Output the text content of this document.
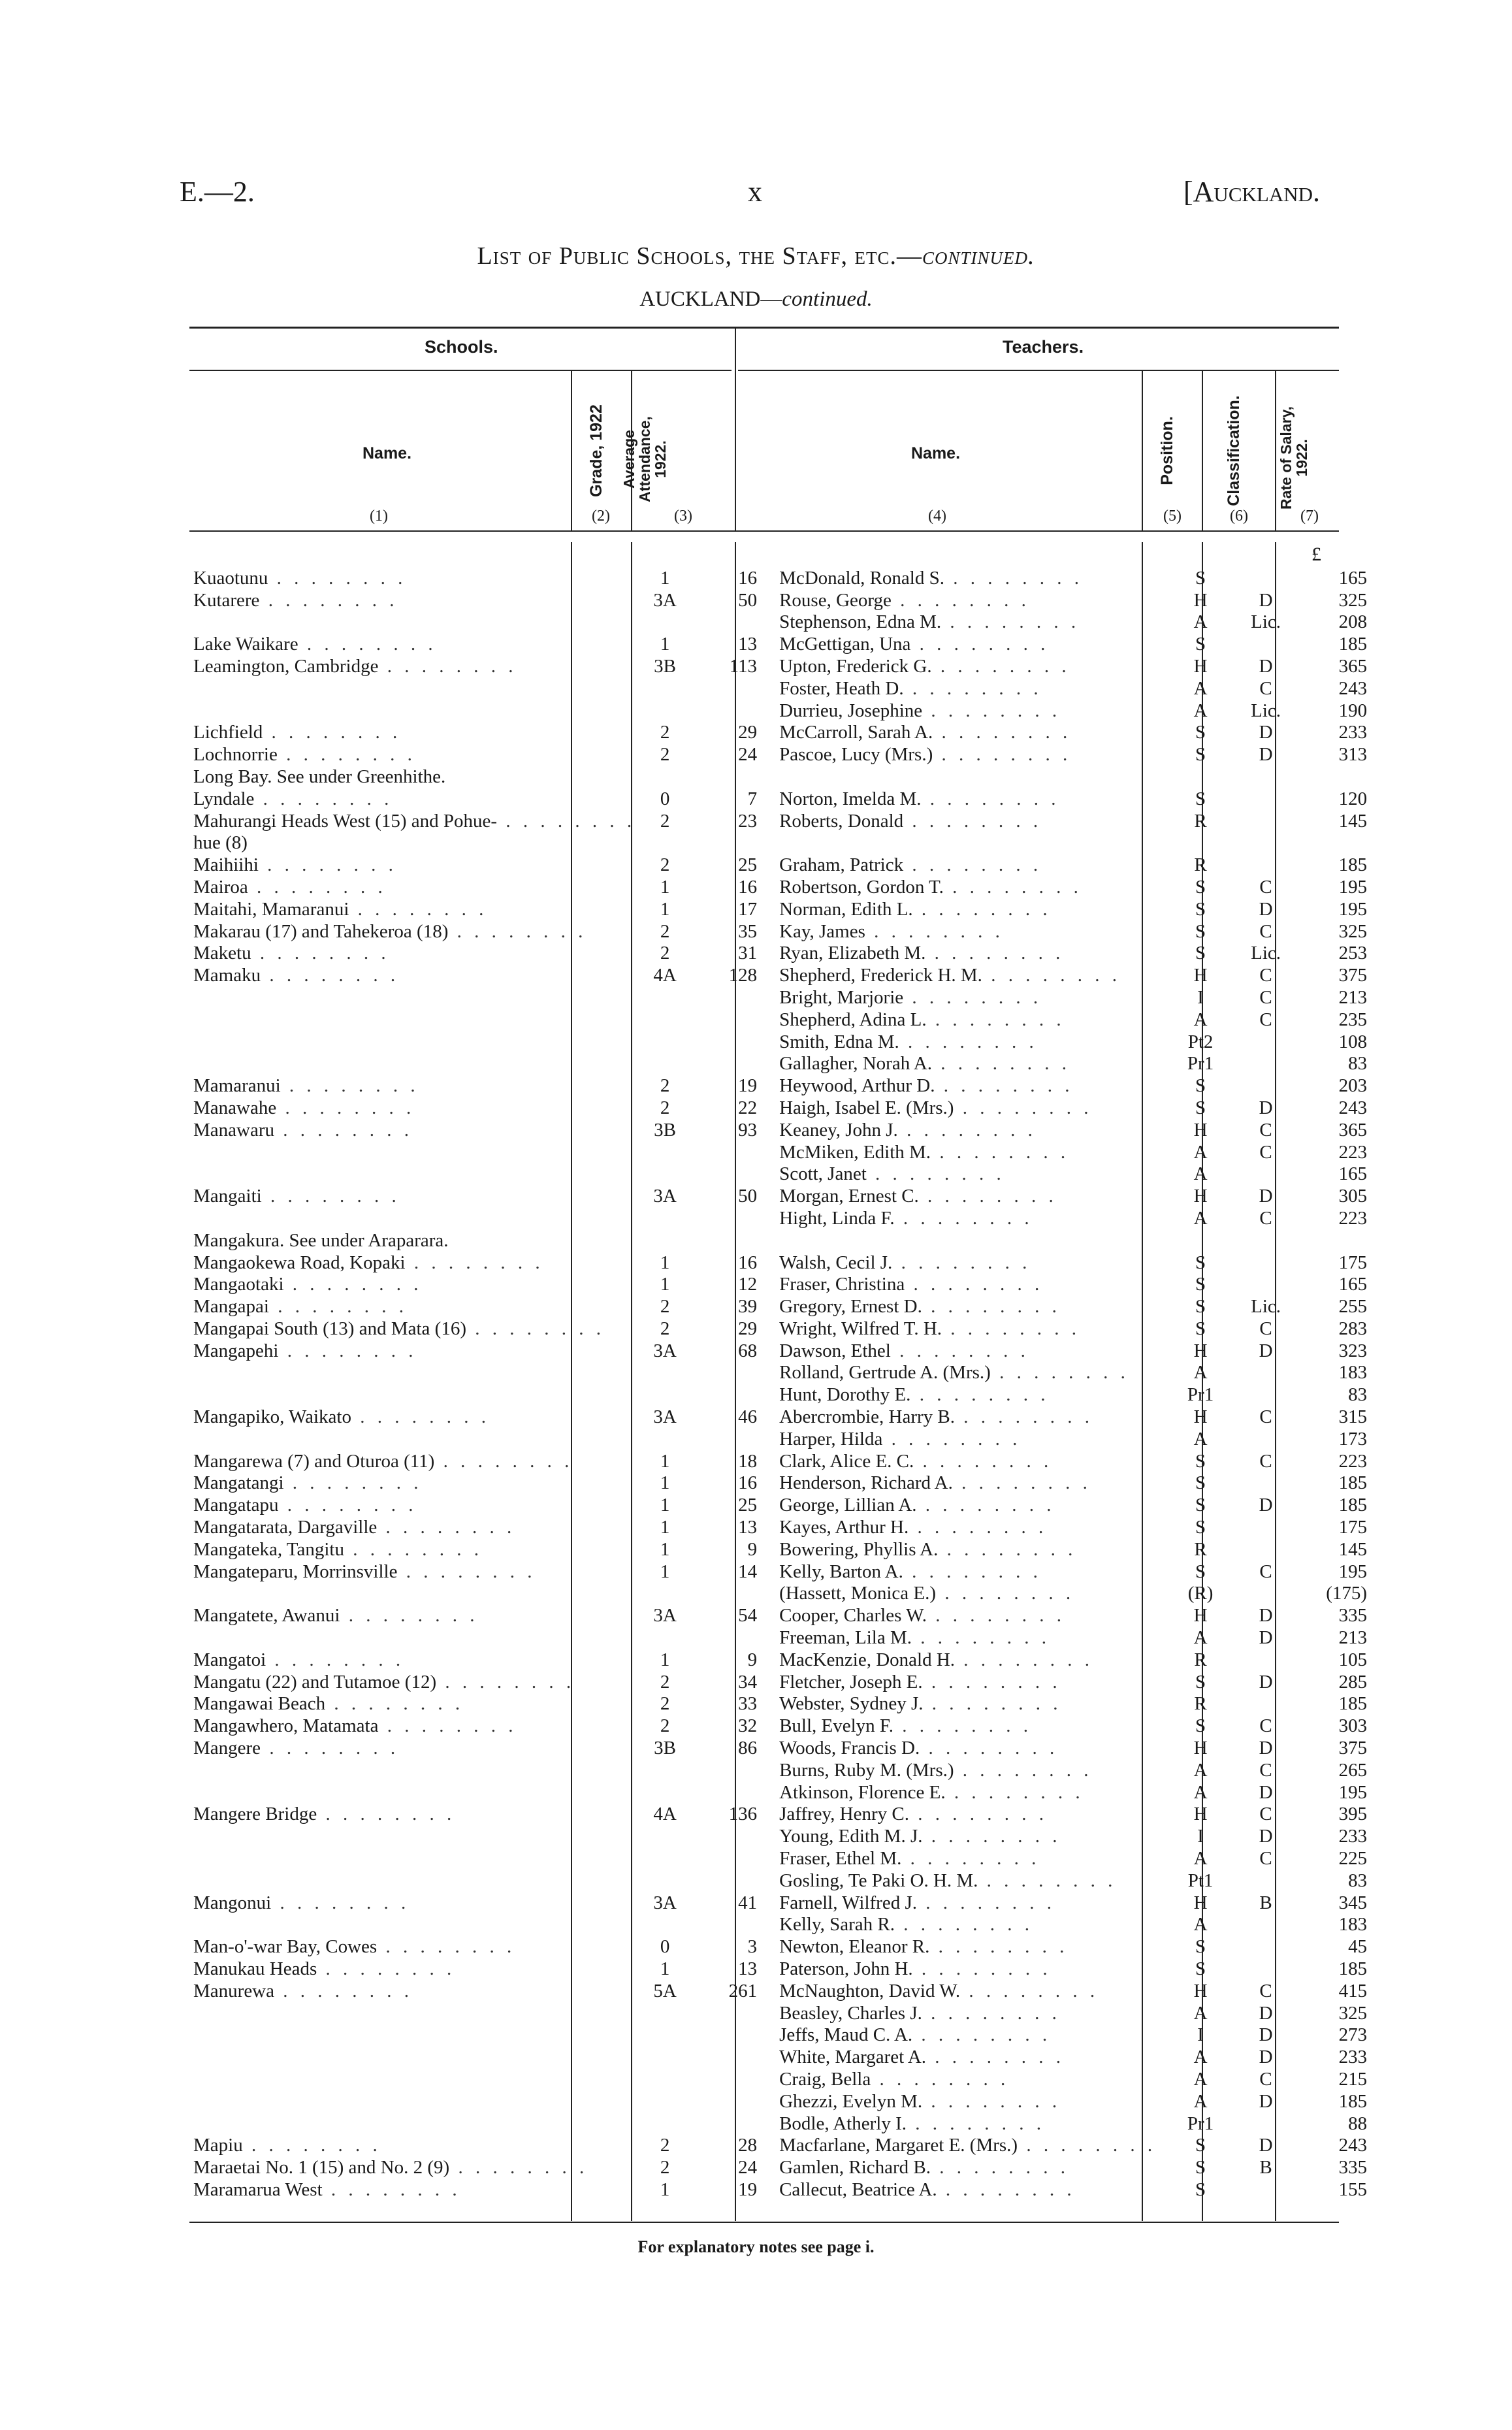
E.—2.	x	[Auckland.
List of Public Schools, the Staff, etc.—continued.
AUCKLAND—continued.
Schools.	Teachers.
Name.	Grade, 1922	Average Attendance, 1922.	Name.	Position.	Classification.	Rate of Salary, 1922.
(1)	(2)	(3)	(4)	(5)	(6)	(7)
£
Kuaotunu . . . . . . . .	1	16	McDonald, Ronald S. . . . . . . . .	S		165
Kutarere . . . . . . . .	3A	50	Rouse, George . . . . . . . .	H	D	325
			Stephenson, Edna M. . . . . . . . .	A	Lic.	208
Lake Waikare . . . . . . . .	1	13	McGettigan, Una . . . . . . . .	S		185
Leamington, Cambridge . . . . . . . .	3B	113	Upton, Frederick G. . . . . . . . .	H	D	365
			Foster, Heath D. . . . . . . . .	A	C	243
			Durrieu, Josephine . . . . . . . .	A	Lic.	190
Lichfield . . . . . . . .	2	29	McCarroll, Sarah A. . . . . . . . .	S	D	233
Lochnorrie . . . . . . . .	2	24	Pascoe, Lucy (Mrs.) . . . . . . . .	S	D	313
Long Bay. See under Greenhithe.						
Lyndale . . . . . . . .	0	7	Norton, Imelda M. . . . . . . . .	S		120
Mahurangi Heads West (15) and Pohue- . . . . . . . .	2	23	Roberts, Donald . . . . . . . .	R		145
hue (8)						
Maihiihi . . . . . . . .	2	25	Graham, Patrick . . . . . . . .	R		185
Mairoa . . . . . . . .	1	16	Robertson, Gordon T. . . . . . . . .	S	C	195
Maitahi, Mamaranui . . . . . . . .	1	17	Norman, Edith L. . . . . . . . .	S	D	195
Makarau (17) and Tahekeroa (18) . . . . . . . .	2	35	Kay, James . . . . . . . .	S	C	325
Maketu . . . . . . . .	2	31	Ryan, Elizabeth M. . . . . . . . .	S	Lic.	253
Mamaku . . . . . . . .	4A	128	Shepherd, Frederick H. M. . . . . . . . .	H	C	375
			Bright, Marjorie . . . . . . . .	I	C	213
			Shepherd, Adina L. . . . . . . . .	A	C	235
			Smith, Edna M. . . . . . . . .	Pt2		108
			Gallagher, Norah A. . . . . . . . .	Pr1		83
Mamaranui . . . . . . . .	2	19	Heywood, Arthur D. . . . . . . . .	S		203
Manawahe . . . . . . . .	2	22	Haigh, Isabel E. (Mrs.) . . . . . . . .	S	D	243
Manawaru . . . . . . . .	3B	93	Keaney, John J. . . . . . . . .	H	C	365
			McMiken, Edith M. . . . . . . . .	A	C	223
			Scott, Janet . . . . . . . .	A		165
Mangaiti . . . . . . . .	3A	50	Morgan, Ernest C. . . . . . . . .	H	D	305
			Hight, Linda F. . . . . . . . .	A	C	223
Mangakura. See under Araparara.						
Mangaokewa Road, Kopaki . . . . . . . .	1	16	Walsh, Cecil J. . . . . . . . .	S		175
Mangaotaki . . . . . . . .	1	12	Fraser, Christina . . . . . . . .	S		165
Mangapai . . . . . . . .	2	39	Gregory, Ernest D. . . . . . . . .	S	Lic.	255
Mangapai South (13) and Mata (16) . . . . . . . .	2	29	Wright, Wilfred T. H. . . . . . . . .	S	C	283
Mangapehi . . . . . . . .	3A	68	Dawson, Ethel . . . . . . . .	H	D	323
			Rolland, Gertrude A. (Mrs.) . . . . . . . .	A		183
			Hunt, Dorothy E. . . . . . . . .	Pr1		83
Mangapiko, Waikato . . . . . . . .	3A	46	Abercrombie, Harry B. . . . . . . . .	H	C	315
			Harper, Hilda . . . . . . . .	A		173
Mangarewa (7) and Oturoa (11) . . . . . . . .	1	18	Clark, Alice E. C. . . . . . . . .	S	C	223
Mangatangi . . . . . . . .	1	16	Henderson, Richard A. . . . . . . . .	S		185
Mangatapu . . . . . . . .	1	25	George, Lillian A. . . . . . . . .	S	D	185
Mangatarata, Dargaville . . . . . . . .	1	13	Kayes, Arthur H. . . . . . . . .	S		175
Mangateka, Tangitu . . . . . . . .	1	9	Bowering, Phyllis A. . . . . . . . .	R		145
Mangateparu, Morrinsville . . . . . . . .	1	14	Kelly, Barton A. . . . . . . . .	S	C	195
			(Hassett, Monica E.) . . . . . . . .	(R)		(175)
Mangatete, Awanui . . . . . . . .	3A	54	Cooper, Charles W. . . . . . . . .	H	D	335
			Freeman, Lila M. . . . . . . . .	A	D	213
Mangatoi . . . . . . . .	1	9	MacKenzie, Donald H. . . . . . . . .	R		105
Mangatu (22) and Tutamoe (12) . . . . . . . .	2	34	Fletcher, Joseph E. . . . . . . . .	S	D	285
Mangawai Beach . . . . . . . .	2	33	Webster, Sydney J. . . . . . . . .	R		185
Mangawhero, Matamata . . . . . . . .	2	32	Bull, Evelyn F. . . . . . . . .	S	C	303
Mangere . . . . . . . .	3B	86	Woods, Francis D. . . . . . . . .	H	D	375
			Burns, Ruby M. (Mrs.) . . . . . . . .	A	C	265
			Atkinson, Florence E. . . . . . . . .	A	D	195
Mangere Bridge . . . . . . . .	4A	136	Jaffrey, Henry C. . . . . . . . .	H	C	395
			Young, Edith M. J. . . . . . . . .	I	D	233
			Fraser, Ethel M. . . . . . . . .	A	C	225
			Gosling, Te Paki O. H. M. . . . . . . . .	Pt1		83
Mangonui . . . . . . . .	3A	41	Farnell, Wilfred J. . . . . . . . .	H	B	345
			Kelly, Sarah R. . . . . . . . .	A		183
Man-o'-war Bay, Cowes . . . . . . . .	0	3	Newton, Eleanor R. . . . . . . . .	S		45
Manukau Heads . . . . . . . .	1	13	Paterson, John H. . . . . . . . .	S		185
Manurewa . . . . . . . .	5A	261	McNaughton, David W. . . . . . . . .	H	C	415
			Beasley, Charles J. . . . . . . . .	A	D	325
			Jeffs, Maud C. A. . . . . . . . .	I	D	273
			White, Margaret A. . . . . . . . .	A	D	233
			Craig, Bella . . . . . . . .	A	C	215
			Ghezzi, Evelyn M. . . . . . . . .	A	D	185
			Bodle, Atherly I. . . . . . . . .	Pr1		88
Mapiu . . . . . . . .	2	28	Macfarlane, Margaret E. (Mrs.) . . . . . . . .	S	D	243
Maraetai No. 1 (15) and No. 2 (9) . . . . . . . .	2	24	Gamlen, Richard B. . . . . . . . .	S	B	335
Maramarua West . . . . . . . .	1	19	Callecut, Beatrice A. . . . . . . . .	S		155
For explanatory notes see page i.
